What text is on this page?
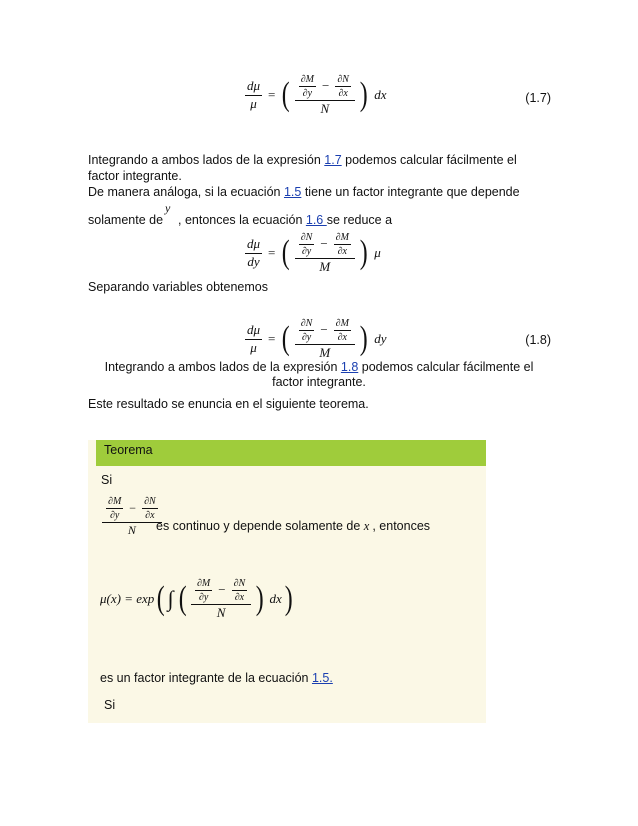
$\frac{d\mu}{\mu}$ = ( $\frac{\frac{\partial M}{\partial y} - \frac{\partial N}{\partial x}}{N}$ ) dx	(1.7)
Integrando a ambos lados de la expresión 1.7 podemos calcular fácilmente el
factor integrante.
De manera análoga, si la ecuación 1.5 tiene un factor integrante que depende
y
solamente de  , entonces la ecuación 1.6 se reduce a
$\frac{d\mu}{dy}$ = ( $\frac{\frac{\partial N}{\partial y} - \frac{\partial M}{\partial x}}{M}$ ) μ
Separando variables obtenemos
$\frac{d\mu}{\mu}$ = ( $\frac{\frac{\partial N}{\partial y} - \frac{\partial M}{\partial x}}{M}$ ) dy	(1.8)
Integrando a ambos lados de la expresión 1.8 podemos calcular fácilmente el
factor integrante.
Este resultado se enuncia en el siguiente teorema.
Teorema
Si
$\frac{\frac{\partial M}{\partial y} - \frac{\partial N}{\partial x}}{N}$
es continuo y depende solamente de x , entonces
μ(x) = exp ( ∫ ( $\frac{\frac{\partial M}{\partial y} - \frac{\partial N}{\partial x}}{N}$ ) dx )
es un factor integrante de la ecuación 1.5.
Si
